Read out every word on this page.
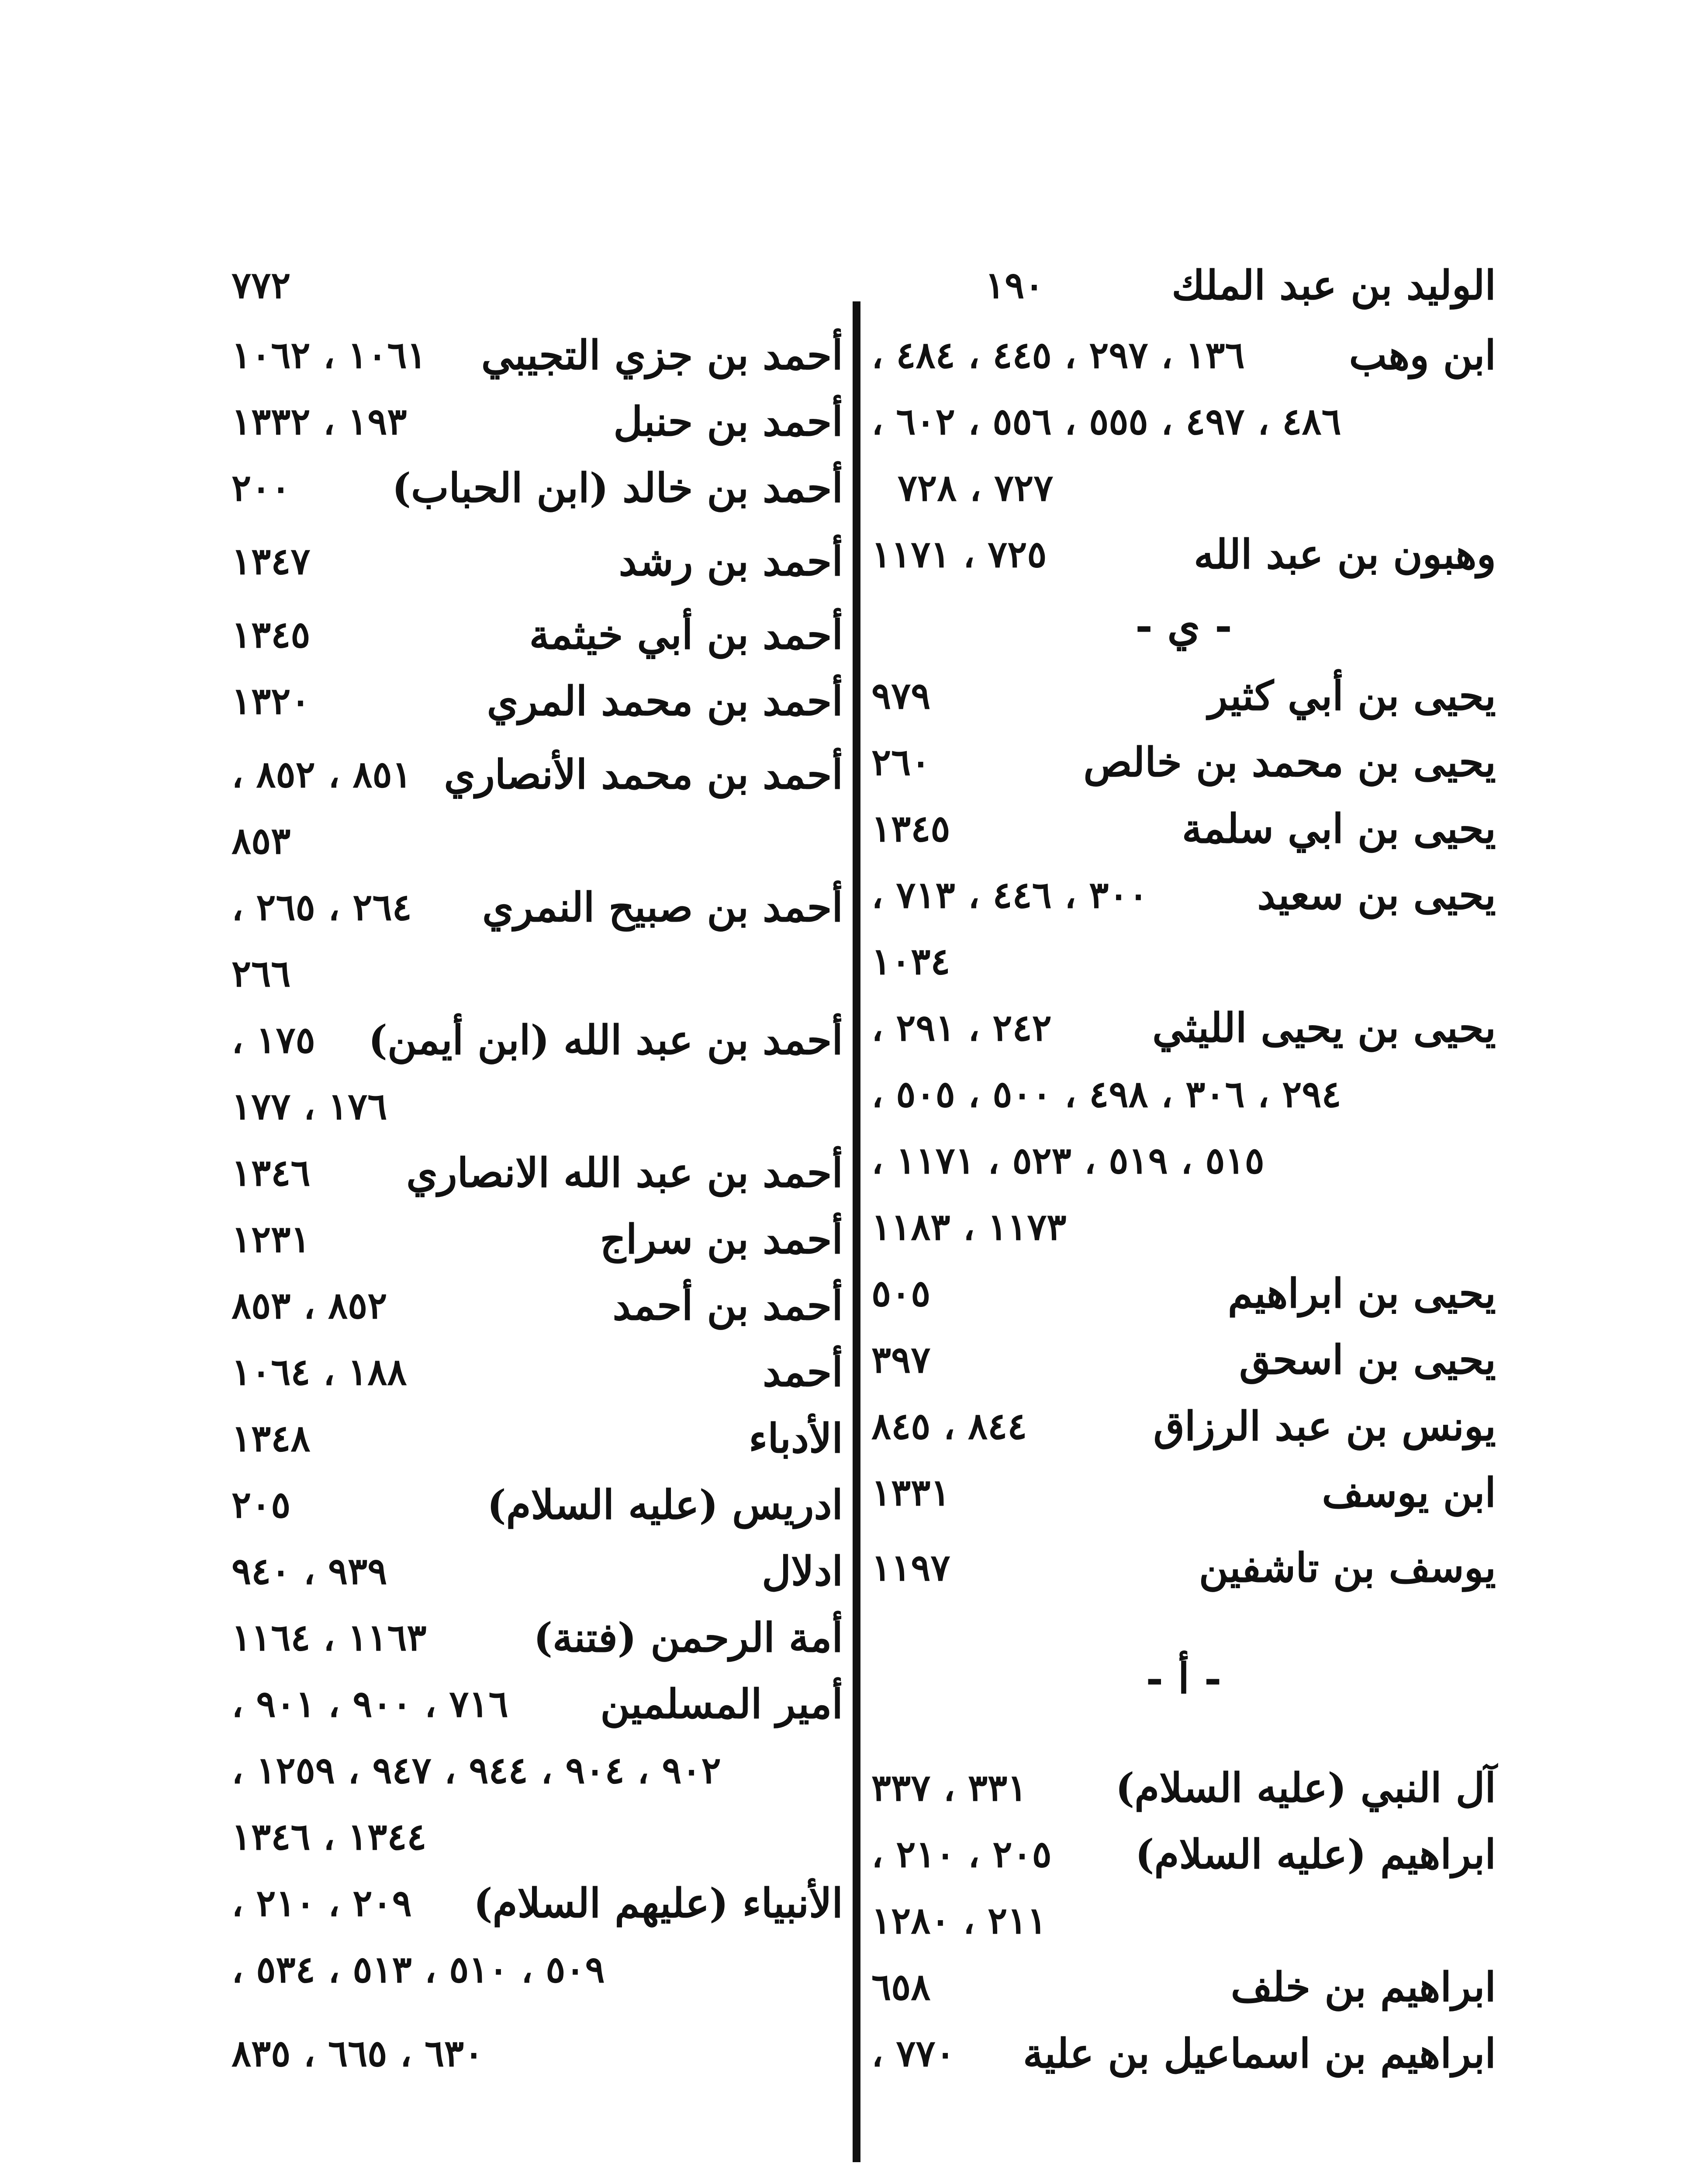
الوليد بن عبد الملك
١٩٠
ابن وهب
١٣٦ ، ٢٩٧ ، ٤٤٥ ، ٤٨٤ ،
٤٨٦ ، ٤٩٧ ، ٥٥٥ ، ٥٥٦ ، ٦٠٢ ،
٧٢٧ ، ٧٢٨
وهبون بن عبد الله
٧٢٥ ، ١١٧١
- ي -
يحيى بن أبي كثير
٩٧٩
يحيى بن محمد بن خالص
٢٦٠
يحيى بن ابي سلمة
١٣٤٥
يحيى بن سعيد
٣٠٠ ، ٤٤٦ ، ٧١٣ ،
١٠٣٤
يحيى بن يحيى الليثي
٢٤٢ ، ٢٩١ ،
٢٩٤ ، ٣٠٦ ، ٤٩٨ ، ٥٠٠ ، ٥٠٥ ،
٥١٥ ، ٥١٩ ، ٥٢٣ ، ١١٧١ ،
١١٧٣ ، ١١٨٣
يحيى بن ابراهيم
٥٠٥
يحيى بن اسحق
٣٩٧
يونس بن عبد الرزاق
٨٤٤ ، ٨٤٥
ابن يوسف
١٣٣١
يوسف بن تاشفين
١١٩٧
- أ -
آل النبي (عليه السلام)
٣٣١ ، ٣٣٧
ابراهيم (عليه السلام)
٢٠٥ ، ٢١٠ ،
٢١١ ، ١٢٨٠
ابراهيم بن خلف
٦٥٨
ابراهيم بن اسماعيل بن علية
٧٧٠ ،
٧٧٢
أحمد بن جزي التجيبي
١٠٦١ ، ١٠٦٢
أحمد بن حنبل
١٩٣ ، ١٣٣٢
أحمد بن خالد (ابن الحباب)
٢٠٠
أحمد بن رشد
١٣٤٧
أحمد بن أبي خيثمة
١٣٤٥
أحمد بن محمد المري
١٣٢٠
أحمد بن محمد الأنصاري
٨٥١ ، ٨٥٢ ،
٨٥٣
أحمد بن صبيح النمري
٢٦٤ ، ٢٦٥ ،
٢٦٦
أحمد بن عبد الله (ابن أيمن)
١٧٥ ،
١٧٦ ، ١٧٧
أحمد بن عبد الله الانصاري
١٣٤٦
أحمد بن سراج
١٢٣١
أحمد بن أحمد
٨٥٢ ، ٨٥٣
أحمد
١٨٨ ، ١٠٦٤
الأدباء
١٣٤٨
ادريس (عليه السلام)
٢٠٥
ادلال
٩٣٩ ، ٩٤٠
أمة الرحمن (فتنة)
١١٦٣ ، ١١٦٤
أمير المسلمين
٧١٦ ، ٩٠٠ ، ٩٠١ ،
٩٠٢ ، ٩٠٤ ، ٩٤٤ ، ٩٤٧ ، ١٢٥٩ ،
١٣٤٤ ، ١٣٤٦
الأنبياء (عليهم السلام)
٢٠٩ ، ٢١٠ ،
٥٠٩ ، ٥١٠ ، ٥١٣ ، ٥٣٤ ،
٦٣٠ ، ٦٦٥ ، ٨٣٥
